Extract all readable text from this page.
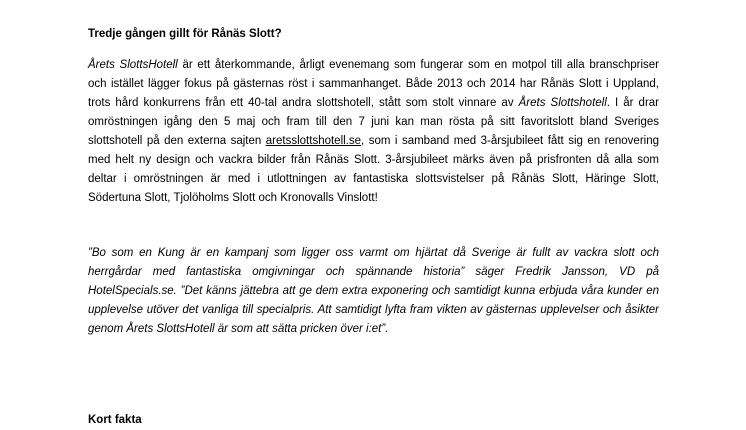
Tredje gången gillt för Rånäs Slott?

Årets SlottsHotell är ett återkommande, årligt evenemang som fungerar som en motpol till alla branschpriser och istället lägger fokus på gästernas röst i sammanhanget. Både 2013 och 2014 har Rånäs Slott i Uppland, trots hård konkurrens från ett 40-tal andra slottshotell, stått som stolt vinnare av Årets Slottshotell. I år drar omröstningen igång den 5 maj och fram till den 7 juni kan man rösta på sitt favoritslott bland Sveriges slottshotell på den externa sajten aretsslottshotell.se, som i samband med 3-årsjubileet fått sig en renovering med helt ny design och vackra bilder från Rånäs Slott. 3-årsjubileet märks även på prisfronten då alla som deltar i omröstningen är med i utlottningen av fantastiska slottsvistelser på Rånäs Slott, Häringe Slott, Södertuna Slott, Tjolöholms Slott och Kronovalls Vinslott!

”Bo som en Kung är en kampanj som ligger oss varmt om hjärtat då Sverige är fullt av vackra slott och herrgårdar med fantastiska omgivningar och spännande historia” säger Fredrik Jansson, VD på HotelSpecials.se. ”Det känns jättebra att ge dem extra exponering och samtidigt kunna erbjuda våra kunder en upplevelse utöver det vanliga till specialpris. Att samtidigt lyfta fram vikten av gästernas upplevelser och åsikter genom Årets SlottsHotell är som att sätta pricken över i:et”.

Kort fakta
